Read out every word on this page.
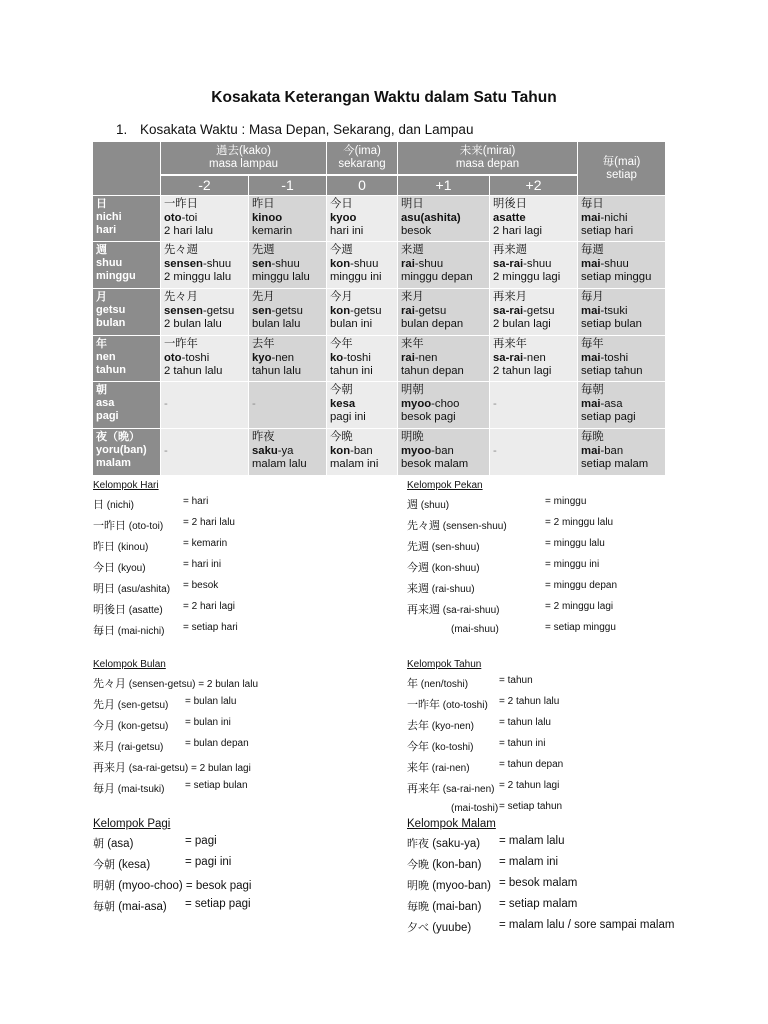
Kosakata Keterangan Waktu dalam Satu Tahun
1. Kosakata Waktu : Masa Depan, Sekarang, dan Lampau

	過去(kako)
masa lampau		今(ima)
sekarang	未来(mirai)
masa depan		毎(mai)
setiap

	-2	-1	0	+1	+2	

日
nichi
hari	一昨日
oto-toi
2 hari lalu	昨日
kinoo
kemarin	今日
kyoo
hari ini	明日
asu(ashita)
besok	明後日
asatte
2 hari lagi	毎日
mai-nichi
setiap hari

週
shuu
minggu	先々週
sensen-shuu
2 minggu lalu	先週
sen-shuu
minggu lalu	今週
kon-shuu
minggu ini	来週
rai-shuu
minggu depan	再来週
sa-rai-shuu
2 minggu lagi	毎週
mai-shuu
setiap minggu

月
getsu
bulan	先々月
sensen-getsu
2 bulan lalu	先月
sen-getsu
bulan lalu	今月
kon-getsu
bulan ini	来月
rai-getsu
bulan depan	再来月
sa-rai-getsu
2 bulan lagi	毎月
mai-tsuki
setiap bulan

年
nen
tahun	一昨年
oto-toshi
2 tahun lalu	去年
kyo-nen
tahun lalu	今年
ko-toshi
tahun ini	来年
rai-nen
tahun depan	再来年
sa-rai-nen
2 tahun lagi	毎年
mai-toshi
setiap tahun

朝
asa
pagi	-	-	今朝
kesa
pagi ini	明朝
myoo-choo
besok pagi	-	毎朝
mai-asa
setiap pagi

夜（晩）
yoru(ban)
malam	-	昨夜
saku-ya
malam lalu	今晩
kon-ban
malam ini	明晩
myoo-ban
besok malam	-	毎晩
mai-ban
setiap malam
Kelompok Hari
日 (nichi)	= hari
一昨日 (oto-toi) = 2 hari lalu
昨日 (kinou)	= kemarin
今日 (kyou)	= hari ini
明日 (asu/ashita) = besok
明後日 (asatte) = 2 hari lagi
毎日 (mai-nichi) = setiap hari
Kelompok Pekan
週 (shuu)	= minggu
先々週 (sensen-shuu)	= 2 minggu lalu
先週 (sen-shuu)	= minggu lalu
今週 (kon-shuu)	= minggu ini
来週 (rai-shuu)	= minggu depan
再来週 (sa-rai-shuu)	= 2 minggu lagi
(mai-shuu)	= setiap minggu
Kelompok Bulan
先々月 (sensen-getsu) = 2 bulan lalu
先月 (sen-getsu) = bulan lalu
今月 (kon-getsu) = bulan ini
来月 (rai-getsu) = bulan depan
再来月 (sa-rai-getsu) = 2 bulan lagi
毎月 (mai-tsuki) = setiap bulan
Kelompok Tahun
年 (nen/toshi)	= tahun
一昨年 (oto-toshi) = 2 tahun lalu
去年 (kyo-nen) = tahun lalu
今年 (ko-toshi)	= tahun ini
来年 (rai-nen)	= tahun depan
再来年 (sa-rai-nen) = 2 tahun lagi
(mai-toshi) = setiap tahun
Kelompok Pagi
朝 (asa)	= pagi
今朝 (kesa)	= pagi ini
明朝 (myoo-choo) = besok pagi
毎朝 (mai-asa) = setiap pagi
Kelompok Malam
昨夜 (saku-ya) = malam lalu
今晩 (kon-ban) = malam ini
明晩 (myoo-ban) = besok malam
毎晩 (mai-ban) = setiap malam
夕べ (yuube) = malam lalu / sore sampai malam
